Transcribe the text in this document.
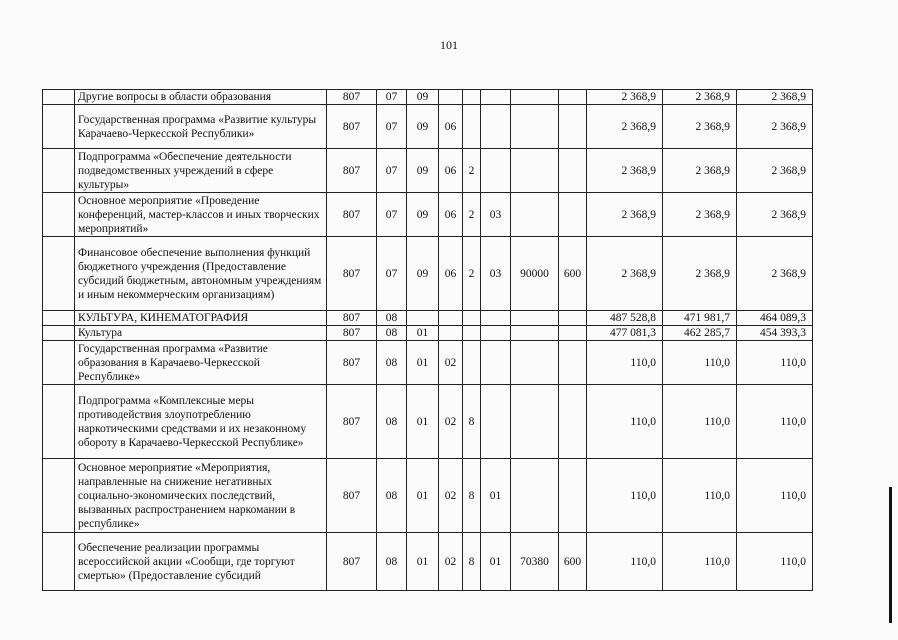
101
	Другие вопросы в области образования	807	07	09						2 368,9	2 368,9	2 368,9
	Государственная программа «Развитие культуры Карачаево-Черкесской Республики»	807	07	09	06					2 368,9	2 368,9	2 368,9
	Подпрограмма «Обеспечение деятельности подведомственных учреждений в сфере культуры»	807	07	09	06	2				2 368,9	2 368,9	2 368,9
	Основное мероприятие «Проведение конференций, мастер-классов и иных творческих мероприятий»	807	07	09	06	2	03			2 368,9	2 368,9	2 368,9
	Финансовое обеспечение выполнения функций бюджетного учреждения (Предоставление субсидий бюджетным, автономным учреждениям и иным некоммерческим организациям)	807	07	09	06	2	03	90000	600	2 368,9	2 368,9	2 368,9
	КУЛЬТУРА, КИНЕМАТОГРАФИЯ	807	08							487 528,8	471 981,7	464 089,3
	Культура	807	08	01						477 081,3	462 285,7	454 393,3
	Государственная программа «Развитие образования в Карачаево-Черкесской Республике»	807	08	01	02					110,0	110,0	110,0
	Подпрограмма «Комплексные меры противодействия злоупотреблению наркотическими средствами и их незаконному обороту в Карачаево-Черкесской Республике»	807	08	01	02	8				110,0	110,0	110,0
	Основное мероприятие «Мероприятия, направленные на снижение негативных социально-экономических последствий, вызванных распространением наркомании в республике»	807	08	01	02	8	01			110,0	110,0	110,0
	Обеспечение реализации программы всероссийской акции «Сообщи, где торгуют смертью» (Предоставление субсидий	807	08	01	02	8	01	70380	600	110,0	110,0	110,0
